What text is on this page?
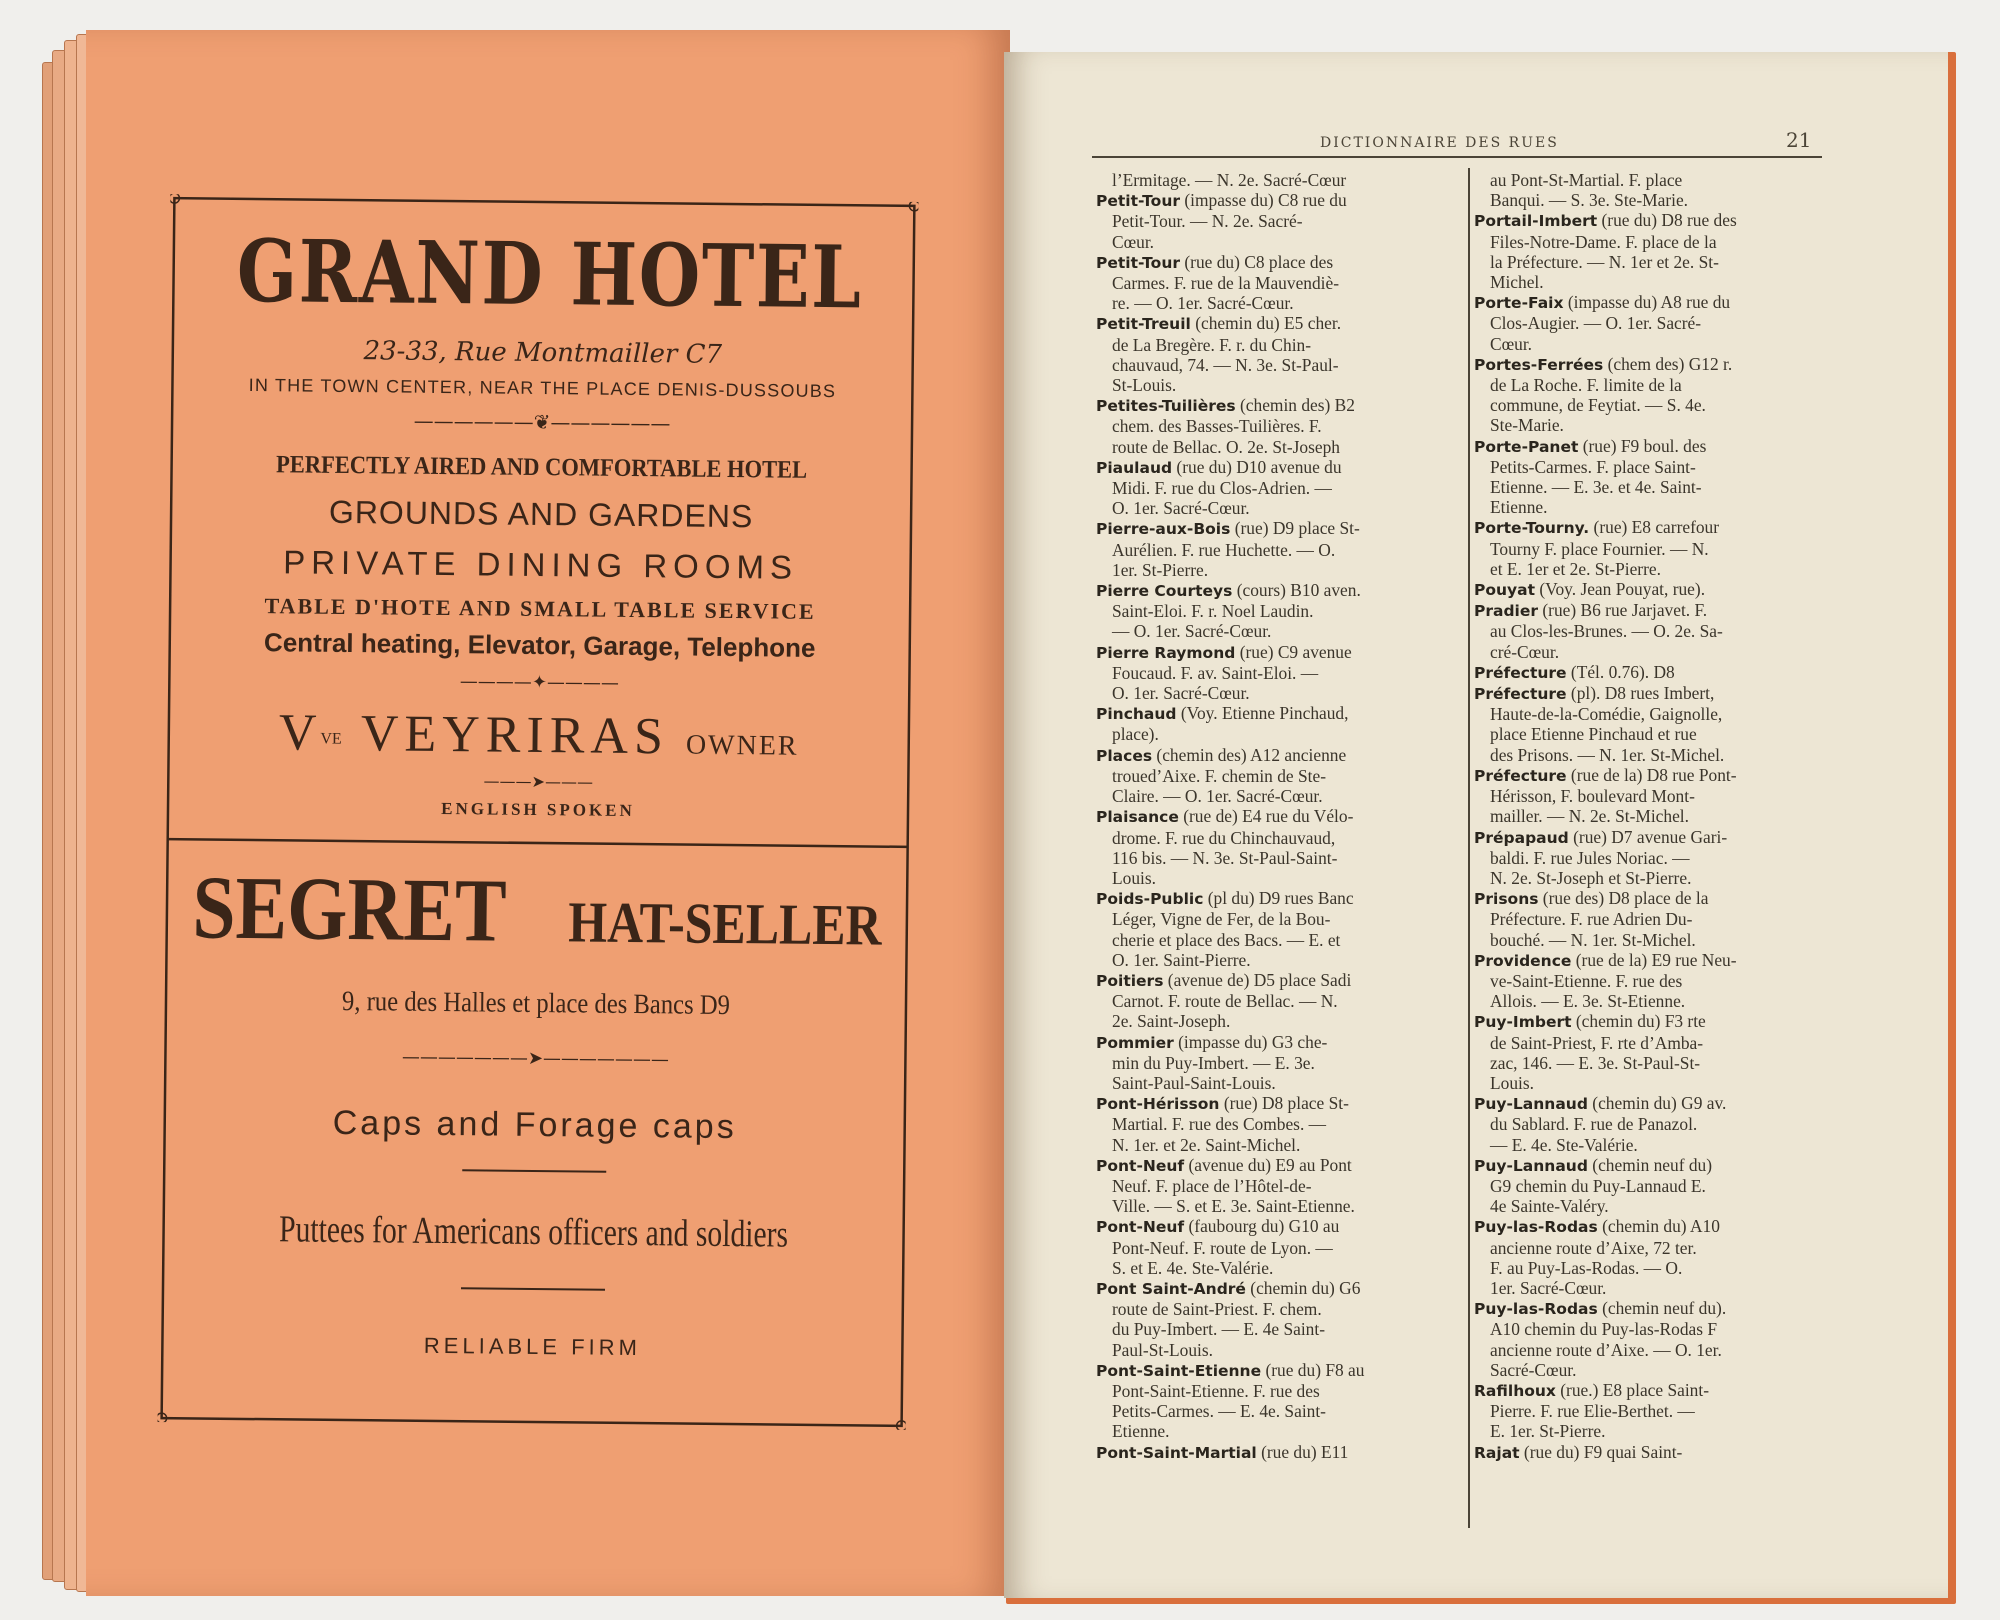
GRAND HOTEL
23-33, Rue Montmailler C7
IN THE TOWN CENTER, NEAR THE PLACE DENIS-DUSSOUBS
——————❦——————
PERFECTLY AIRED AND COMFORTABLE HOTEL
GROUNDS AND GARDENS
PRIVATE DINING ROOMS
TABLE D'HOTE AND SMALL TABLE SERVICE
Central heating, Elevator, Garage, Telephone
————✦————
$V^{VE}$ VEYRIRAS OWNER
———➤———
ENGLISH SPOKEN
SEGRET HAT-SELLER
9, rue des Halles et place des Bancs D9
———————➤———————
Caps and Forage caps
Puttees for Americans officers and soldiers
RELIABLE FIRM
DICTIONNAIRE DES RUES	21
l’Ermitage. — N. 2e. Sacré-Cœur
Petit-Tour (impasse du) C8 rue du
Petit-Tour. — N. 2e. Sacré-
Cœur.
Petit-Tour (rue du) C8 place des
Carmes. F. rue de la Mauvendiè-
re. — O. 1er. Sacré-Cœur.
Petit-Treuil (chemin du) E5 cher.
de La Bregère. F. r. du Chin-
chauvaud, 74. — N. 3e. St-Paul-
St-Louis.
Petites-Tuilières (chemin des) B2
chem. des Basses-Tuilières. F.
route de Bellac. O. 2e. St-Joseph
Piaulaud (rue du) D10 avenue du
Midi. F. rue du Clos-Adrien. —
O. 1er. Sacré-Cœur.
Pierre-aux-Bois (rue) D9 place St-
Aurélien. F. rue Huchette. — O.
1er. St-Pierre.
Pierre Courteys (cours) B10 aven.
Saint-Eloi. F. r. Noel Laudin.
— O. 1er. Sacré-Cœur.
Pierre Raymond (rue) C9 avenue
Foucaud. F. av. Saint-Eloi. —
O. 1er. Sacré-Cœur.
Pinchaud (Voy. Etienne Pinchaud,
place).
Places (chemin des) A12 ancienne
troued’Aixe. F. chemin de Ste-
Claire. — O. 1er. Sacré-Cœur.
Plaisance (rue de) E4 rue du Vélo-
drome. F. rue du Chinchauvaud,
116 bis. — N. 3e. St-Paul-Saint-
Louis.
Poids-Public (pl du) D9 rues Banc
Léger, Vigne de Fer, de la Bou-
cherie et place des Bacs. — E. et
O. 1er. Saint-Pierre.
Poitiers (avenue de) D5 place Sadi
Carnot. F. route de Bellac. — N.
2e. Saint-Joseph.
Pommier (impasse du) G3 che-
min du Puy-Imbert. — E. 3e.
Saint-Paul-Saint-Louis.
Pont-Hérisson (rue) D8 place St-
Martial. F. rue des Combes. —
N. 1er. et 2e. Saint-Michel.
Pont-Neuf (avenue du) E9 au Pont
Neuf. F. place de l’Hôtel-de-
Ville. — S. et E. 3e. Saint-Etienne.
Pont-Neuf (faubourg du) G10 au
Pont-Neuf. F. route de Lyon. —
S. et E. 4e. Ste-Valérie.
Pont Saint-André (chemin du) G6
route de Saint-Priest. F. chem.
du Puy-Imbert. — E. 4e Saint-
Paul-St-Louis.
Pont-Saint-Etienne (rue du) F8 au
Pont-Saint-Etienne. F. rue des
Petits-Carmes. — E. 4e. Saint-
Etienne.
Pont-Saint-Martial (rue du) E11
au Pont-St-Martial. F. place
Banqui. — S. 3e. Ste-Marie.
Portail-Imbert (rue du) D8 rue des
Files-Notre-Dame. F. place de la
la Préfecture. — N. 1er et 2e. St-
Michel.
Porte-Faix (impasse du) A8 rue du
Clos-Augier. — O. 1er. Sacré-
Cœur.
Portes-Ferrées (chem des) G12 r.
de La Roche. F. limite de la
commune, de Feytiat. — S. 4e.
Ste-Marie.
Porte-Panet (rue) F9 boul. des
Petits-Carmes. F. place Saint-
Etienne. — E. 3e. et 4e. Saint-
Etienne.
Porte-Tourny. (rue) E8 carrefour
Tourny F. place Fournier. — N.
et E. 1er et 2e. St-Pierre.
Pouyat (Voy. Jean Pouyat, rue).
Pradier (rue) B6 rue Jarjavet. F.
au Clos-les-Brunes. — O. 2e. Sa-
cré-Cœur.
Préfecture (Tél. 0.76). D8
Préfecture (pl). D8 rues Imbert,
Haute-de-la-Comédie, Gaignolle,
place Etienne Pinchaud et rue
des Prisons. — N. 1er. St-Michel.
Préfecture (rue de la) D8 rue Pont-
Hérisson, F. boulevard Mont-
mailler. — N. 2e. St-Michel.
Prépapaud (rue) D7 avenue Gari-
baldi. F. rue Jules Noriac. —
N. 2e. St-Joseph et St-Pierre.
Prisons (rue des) D8 place de la
Préfecture. F. rue Adrien Du-
bouché. — N. 1er. St-Michel.
Providence (rue de la) E9 rue Neu-
ve-Saint-Etienne. F. rue des
Allois. — E. 3e. St-Etienne.
Puy-Imbert (chemin du) F3 rte
de Saint-Priest, F. rte d’Amba-
zac, 146. — E. 3e. St-Paul-St-
Louis.
Puy-Lannaud (chemin du) G9 av.
du Sablard. F. rue de Panazol.
— E. 4e. Ste-Valérie.
Puy-Lannaud (chemin neuf du)
G9 chemin du Puy-Lannaud E.
4e Sainte-Valéry.
Puy-las-Rodas (chemin du) A10
ancienne route d’Aixe, 72 ter.
F. au Puy-Las-Rodas. — O.
1er. Sacré-Cœur.
Puy-las-Rodas (chemin neuf du).
A10 chemin du Puy-las-Rodas F
ancienne route d’Aixe. — O. 1er.
Sacré-Cœur.
Rafilhoux (rue.) E8 place Saint-
Pierre. F. rue Elie-Berthet. —
E. 1er. St-Pierre.
Rajat (rue du) F9 quai Saint-
